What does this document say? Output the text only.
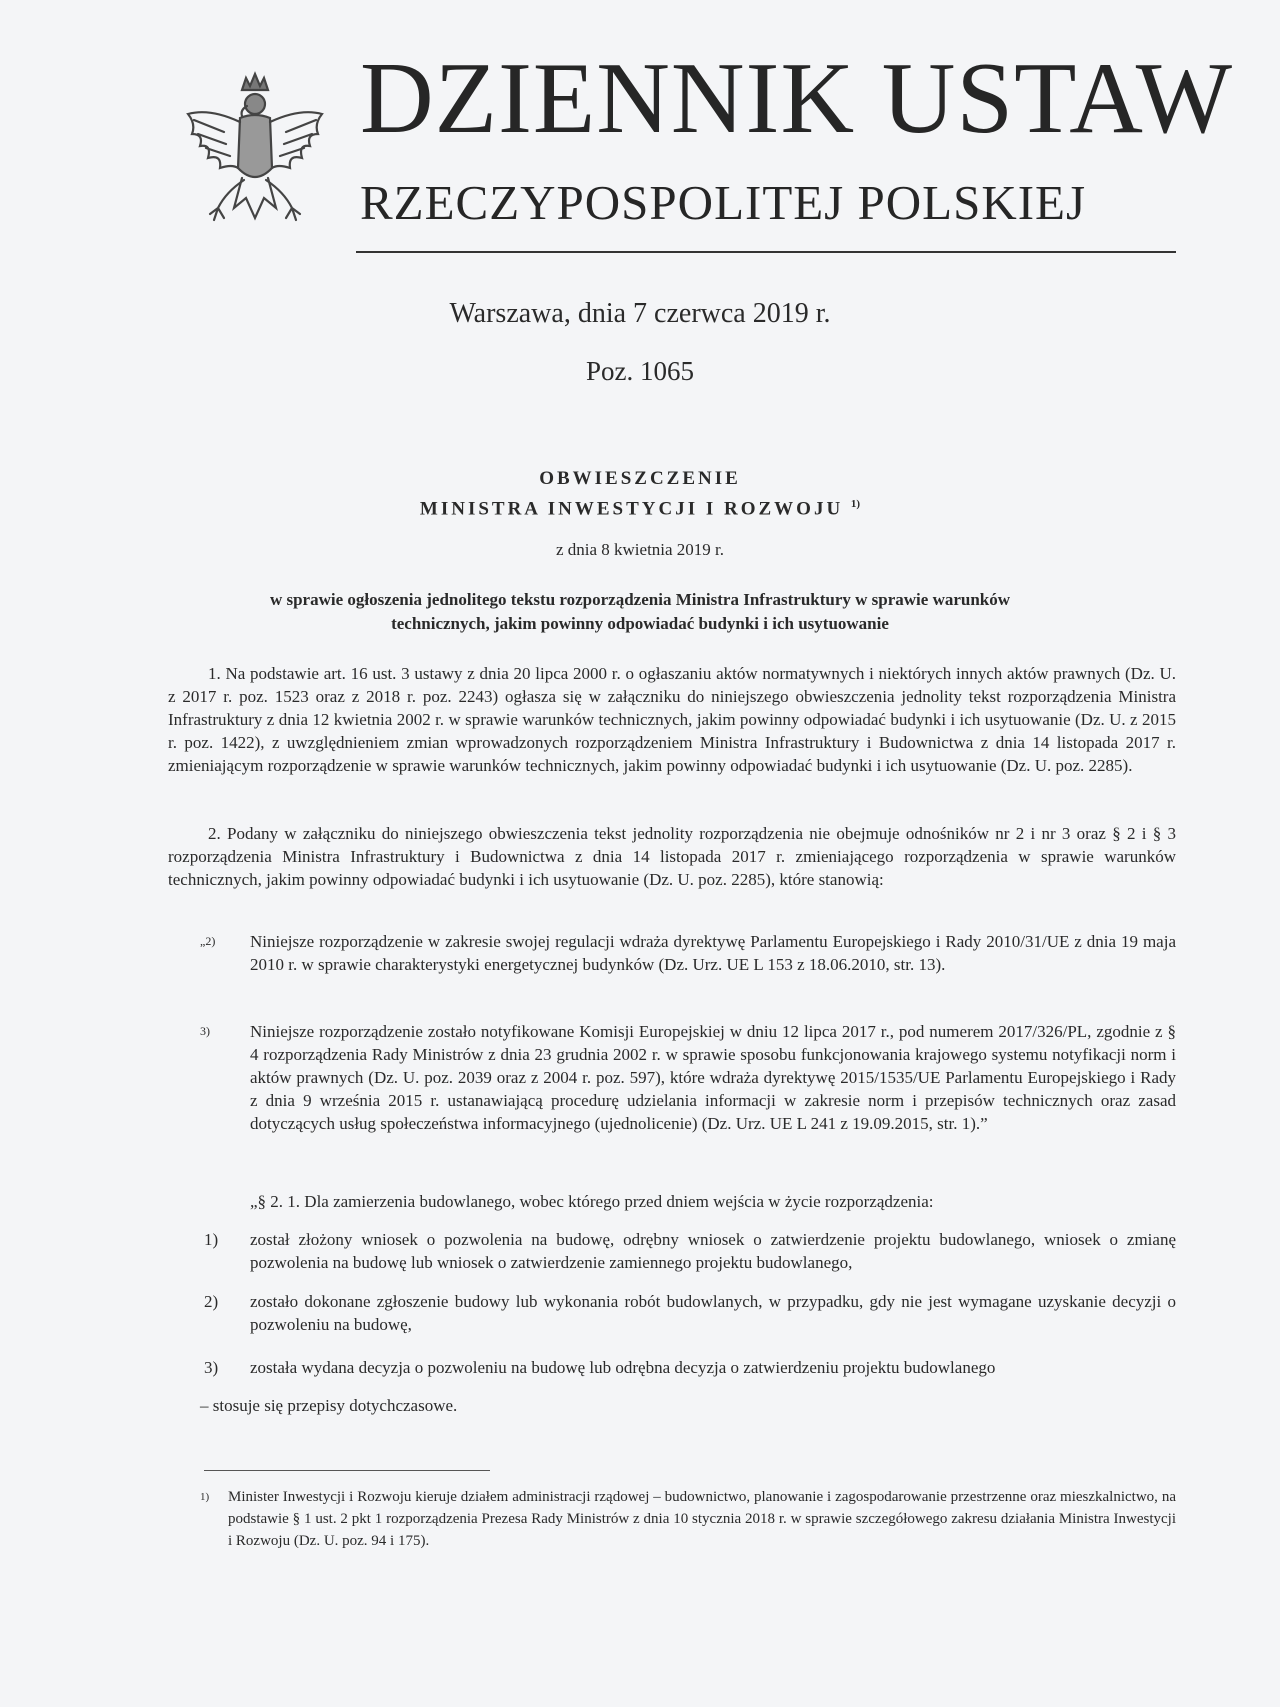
DZIENNIK USTAW
RZECZYPOSPOLITEJ POLSKIEJ
Warszawa, dnia 7 czerwca 2019 r.
Poz. 1065
OBWIESZCZENIE
MINISTRA INWESTYCJI I ROZWOJU $^{1)}$
z dnia 8 kwietnia 2019 r.
w sprawie ogłoszenia jednolitego tekstu rozporządzenia Ministra Infrastruktury w sprawie warunków
technicznych, jakim powinny odpowiadać budynki i ich usytuowanie
1. Na podstawie art. 16 ust. 3 ustawy z dnia 20 lipca 2000 r. o ogłaszaniu aktów normatywnych i niektórych innych aktów prawnych (Dz. U. z 2017 r. poz. 1523 oraz z 2018 r. poz. 2243) ogłasza się w załączniku do niniejszego obwieszczenia jednolity tekst rozporządzenia Ministra Infrastruktury z dnia 12 kwietnia 2002 r. w sprawie warunków technicznych, jakim powinny odpowiadać budynki i ich usytuowanie (Dz. U. z 2015 r. poz. 1422), z uwzględnieniem zmian wprowadzonych rozporządzeniem Ministra Infrastruktury i Budownictwa z dnia 14 listopada 2017 r. zmieniającym rozporządzenie w sprawie warunków technicznych, jakim powinny odpowiadać budynki i ich usytuowanie (Dz. U. poz. 2285).
2. Podany w załączniku do niniejszego obwieszczenia tekst jednolity rozporządzenia nie obejmuje odnośników nr 2 i nr 3 oraz § 2 i § 3 rozporządzenia Ministra Infrastruktury i Budownictwa z dnia 14 listopada 2017 r. zmieniającego rozporządzenia w sprawie warunków technicznych, jakim powinny odpowiadać budynki i ich usytuowanie (Dz. U. poz. 2285), które stanowią:
„2) Niniejsze rozporządzenie w zakresie swojej regulacji wdraża dyrektywę Parlamentu Europejskiego i Rady 2010/31/UE z dnia 19 maja 2010 r. w sprawie charakterystyki energetycznej budynków (Dz. Urz. UE L 153 z 18.06.2010, str. 13).
3) Niniejsze rozporządzenie zostało notyfikowane Komisji Europejskiej w dniu 12 lipca 2017 r., pod numerem 2017/326/PL, zgodnie z § 4 rozporządzenia Rady Ministrów z dnia 23 grudnia 2002 r. w sprawie sposobu funkcjonowania krajowego systemu notyfikacji norm i aktów prawnych (Dz. U. poz. 2039 oraz z 2004 r. poz. 597), które wdraża dyrektywę 2015/1535/UE Parlamentu Europejskiego i Rady z dnia 9 września 2015 r. ustanawiającą procedurę udzielania informacji w zakresie norm i przepisów technicznych oraz zasad dotyczących usług społeczeństwa informacyjnego (ujednolicenie) (Dz. Urz. UE L 241 z 19.09.2015, str. 1).”
„§ 2. 1. Dla zamierzenia budowlanego, wobec którego przed dniem wejścia w życie rozporządzenia:
1) został złożony wniosek o pozwolenia na budowę, odrębny wniosek o zatwierdzenie projektu budowlanego, wniosek o zmianę pozwolenia na budowę lub wniosek o zatwierdzenie zamiennego projektu budowlanego,
2) zostało dokonane zgłoszenie budowy lub wykonania robót budowlanych, w przypadku, gdy nie jest wymagane uzyskanie decyzji o pozwoleniu na budowę,
3) została wydana decyzja o pozwoleniu na budowę lub odrębna decyzja o zatwierdzeniu projektu budowlanego
– stosuje się przepisy dotychczasowe.
1) Minister Inwestycji i Rozwoju kieruje działem administracji rządowej – budownictwo, planowanie i zagospodarowanie przestrzenne oraz mieszkalnictwo, na podstawie § 1 ust. 2 pkt 1 rozporządzenia Prezesa Rady Ministrów z dnia 10 stycznia 2018 r. w sprawie szczegółowego zakresu działania Ministra Inwestycji i Rozwoju (Dz. U. poz. 94 i 175).
